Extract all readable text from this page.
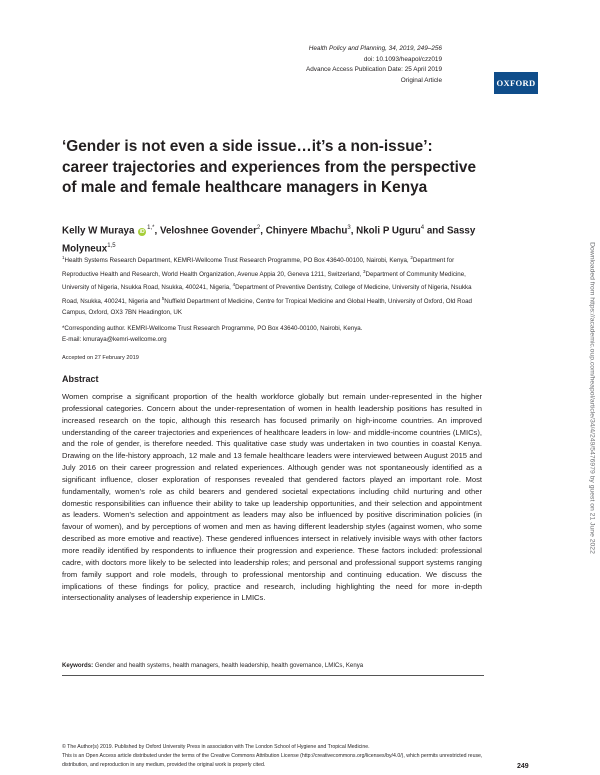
Health Policy and Planning, 34, 2019, 249–256
doi: 10.1093/heapol/czz019
Advance Access Publication Date: 25 April 2019
Original Article	OXFORD
‘Gender is not even a side issue…it’s a non-issue’: career trajectories and experiences from the perspective of male and female healthcare managers in Kenya
Kelly W Muraya $iD^{1,*}$, Veloshnee Govender$^2$, Chinyere Mbachu$^3$, Nkoli P Uguru$^4$ and Sassy Molyneux$^{1,5}$
$^1$Health Systems Research Department, KEMRI-Wellcome Trust Research Programme, PO Box 43640-00100, Nairobi, Kenya, $^2$Department for Reproductive Health and Research, World Health Organization, Avenue Appia 20, Geneva 1211, Switzerland, $^3$Department of Community Medicine, University of Nigeria, Nsukka Road, Nsukka, 400241, Nigeria, $^4$Department of Preventive Dentistry, College of Medicine, University of Nigeria, Nsukka Road, Nsukka, 400241, Nigeria and $^5$Nuffield Department of Medicine, Centre for Tropical Medicine and Global Health, University of Oxford, Old Road Campus, Oxford, OX3 7BN Headington, UK
*Corresponding author. KEMRI-Wellcome Trust Research Programme, PO Box 43640-00100, Nairobi, Kenya.
E-mail: kmuraya@kemri-wellcome.org
Accepted on 27 February 2019
Abstract

Women comprise a significant proportion of the health workforce globally but remain under-represented in the higher professional categories. Concern about the under-representation of women in health leadership positions has resulted in increased research on the topic, although this research has focused primarily on high-income countries. An improved understanding of the career trajectories and experiences of healthcare leaders in low- and middle-income countries (LMICs), and the role of gender, is therefore needed. This qualitative case study was undertaken in two counties in coastal Kenya. Drawing on the life-history approach, 12 male and 13 female healthcare leaders were interviewed between August 2015 and July 2016 on their career progression and related experiences. Although gender was not spontaneously identified as a significant influence, closer exploration of responses revealed that gendered factors played an important role. Most fundamentally, women’s role as child bearers and gendered societal expectations including child nurturing and other domestic responsibilities can influence their ability to take up leadership opportunities, and their selection and appointment as leaders. Women’s selection and appointment as leaders may also be influenced by positive discrimination policies (in favour of women), and by perceptions of women and men as having different leadership styles (against women, who some described as more emotive and reactive). These gendered influences intersect in relatively invisible ways with other factors more readily identified by respondents to influence their progression and experience. These factors included: professional cadre, with doctors more likely to be selected into leadership roles; and personal and professional support systems ranging from family support and role models, through to professional mentorship and continuing education. We discuss the implications of these findings for policy, practice and research, including highlighting the need for more in-depth intersectionality analyses of leadership experience in LMICs.

Keywords: Gender and health systems, health managers, health leadership, health governance, LMICs, Kenya
© The Author(s) 2019. Published by Oxford University Press in association with The London School of Hygiene and Tropical Medicine.
This is an Open Access article distributed under the terms of the Creative Commons Attribution License (http://creativecommons.org/licenses/by/4.0/), which permits unrestricted reuse, distribution, and reproduction in any medium, provided the original work is properly cited.	249
Downloaded from https://academic.oup.com/heapol/article/34/4/249/5476979 by guest on 21 June 2022
